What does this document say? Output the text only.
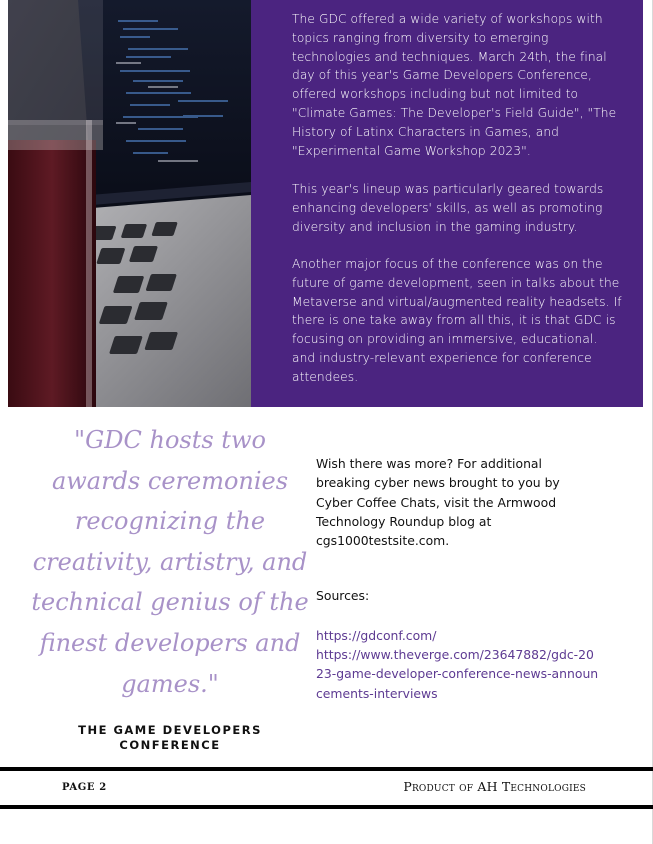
The GDC offered a wide variety of workshops with topics ranging from diversity to emerging technologies and techniques. March 24th, the final day of this year's Game Developers Conference, offered workshops including but not limited to "Climate Games: The Developer's Field Guide", "The History of Latinx Characters in Games, and "Experimental Game Workshop 2023".

This year's lineup was particularly geared towards enhancing developers' skills, as well as promoting diversity and inclusion in the gaming industry.

Another major focus of the conference was on the future of game development, seen in talks about the Metaverse and virtual/augmented reality headsets. If there is one take away from all this, it is that GDC is focusing on providing an immersive, educational. and industry-relevant experience for conference attendees.

"GDC hosts two awards ceremonies recognizing the creativity, artistry, and technical genius of the finest developers and games."

THE GAME DEVELOPERS CONFERENCE

Wish there was more? For additional breaking cyber news brought to you by Cyber Coffee Chats, visit the Armwood Technology Roundup blog at cgs1000testsite.com.

Sources:
https://gdconf.com/
https://www.theverge.com/23647882/gdc-2023-game-developer-conference-news-announcements-interviews
PAGE 2	Product of AH Technologies
